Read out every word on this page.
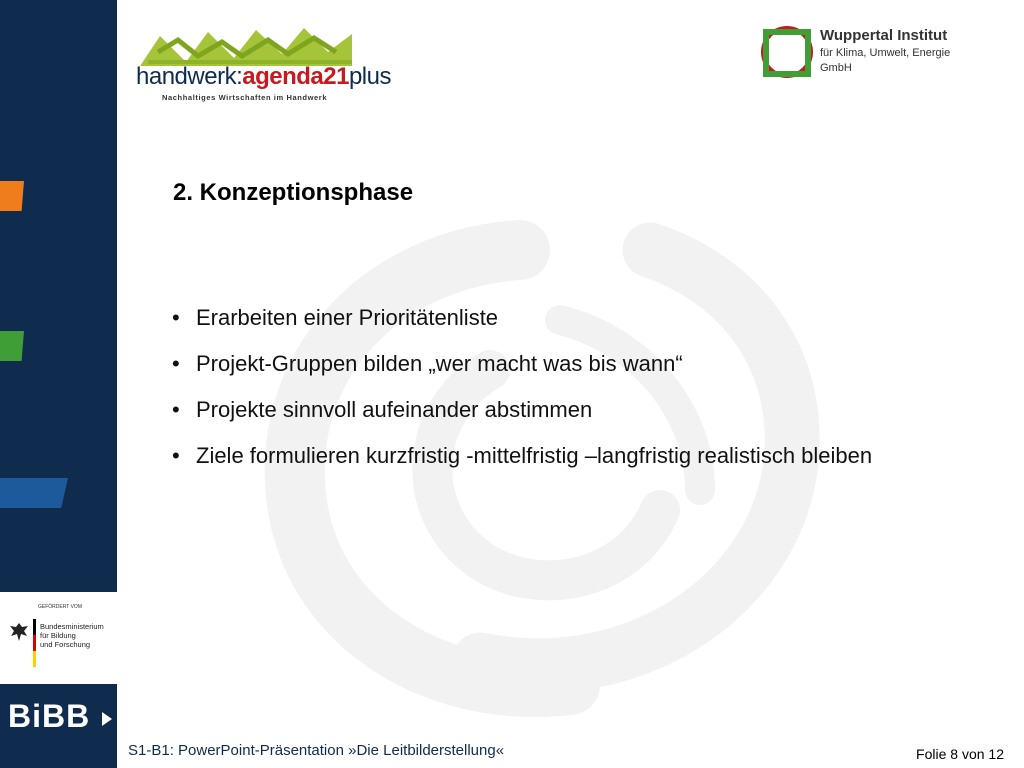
GEFÖRDERT VOM
Bundesministerium
für Bildung
und Forschung
BiBB
handwerk:agenda21plus
Nachhaltiges Wirtschaften im Handwerk
Wuppertal Institut
für Klima, Umwelt, Energie
GmbH
2. Konzeptionsphase
• Erarbeiten einer Prioritätenliste
• Projekt-Gruppen bilden „wer macht was bis wann“
• Projekte sinnvoll aufeinander abstimmen
• Ziele formulieren kurzfristig -mittelfristig –langfristig realistisch bleiben
S1-B1: PowerPoint-Präsentation »Die Leitbilderstellung«	Folie 8 von 12
